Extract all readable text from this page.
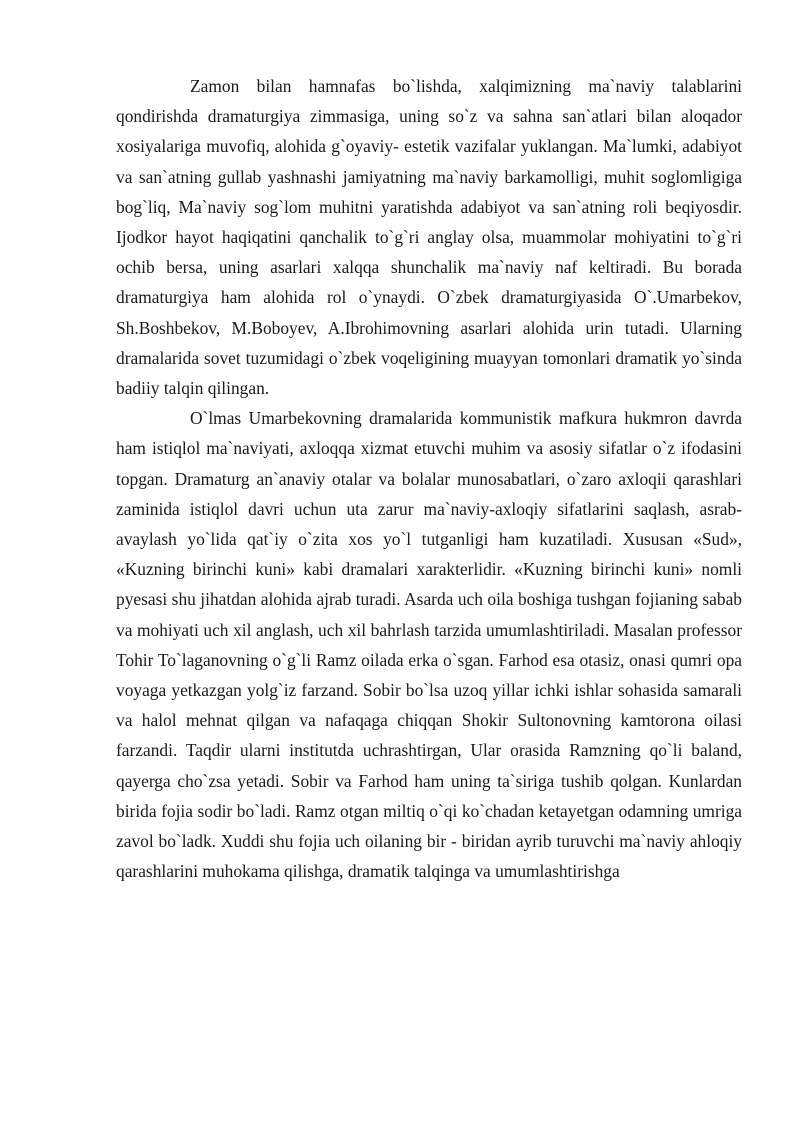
Zamon bilan hamnafas bo`lishda, xalqimizning ma`naviy talablarini qondirishda dramaturgiya zimmasiga, uning so`z va sahna san`atlari bilan aloqador xosiyalariga muvofiq, alohida g`oyaviy- estetik vazifalar yuklangan. Ma`lumki, adabiyot va san`atning gullab yashnashi jamiyatning ma`naviy barkamolligi, muhit soglomligiga bog`liq, Ma`naviy sog`lom muhitni yaratishda adabiyot va san`atning roli beqiyosdir. Ijodkor hayot haqiqatini qanchalik to`g`ri anglay olsa, muammolar mohiyatini to`g`ri ochib bersa, uning asarlari xalqqa shunchalik ma`naviy naf keltiradi. Bu borada dramaturgiya ham alohida rol o`ynaydi. O`zbek dramaturgiyasida O`.Umarbekov, Sh.Boshbekov, M.Boboyev, A.Ibrohimovning asarlari alohida urin tutadi. Ularning dramalarida sovet tuzumidagi o`zbek voqeligining muayyan tomonlari dramatik yo`sinda badiiy talqin qilingan.

O`lmas Umarbekovning dramalarida kommunistik mafkura hukmron davrda ham istiqlol ma`naviyati, axloqqa xizmat etuvchi muhim va asosiy sifatlar o`z ifodasini topgan. Dramaturg an`anaviy otalar va bolalar munosabatlari, o`zaro axloqii qarashlari zaminida istiqlol davri uchun uta zarur ma`naviy-axloqiy sifatlarini saqlash, asrab-avaylash yo`lida qat`iy o`zita xos yo`l tutganligi ham kuzatiladi. Xususan «Sud», «Kuzning birinchi kuni» kabi dramalari xarakterlidir. «Kuzning birinchi kuni» nomli pyesasi shu jihatdan alohida ajrab turadi. Asarda uch oila boshiga tushgan fojianing sabab va mohiyati uch xil anglash, uch xil bahrlash tarzida umumlashtiriladi. Masalan professor Tohir To`laganovning o`g`li Ramz oilada erka o`sgan. Farhod esa otasiz, onasi qumri opa voyaga yetkazgan yolg`iz farzand. Sobir bo`lsa uzoq yillar ichki ishlar sohasida samarali va halol mehnat qilgan va nafaqaga chiqqan Shokir Sultonovning kamtorona oilasi farzandi. Taqdir ularni institutda uchrashtirgan, Ular orasida Ramzning qo`li baland, qayerga cho`zsa yetadi. Sobir va Farhod ham uning ta`siriga tushib qolgan. Kunlardan birida fojia sodir bo`ladi. Ramz otgan miltiq o`qi ko`chadan ketayetgan odamning umriga zavol bo`ladk. Xuddi shu fojia uch oilaning bir - biridan ayrib turuvchi ma`naviy ahloqiy qarashlarini muhokama qilishga, dramatik talqinga va umumlashtirishga
